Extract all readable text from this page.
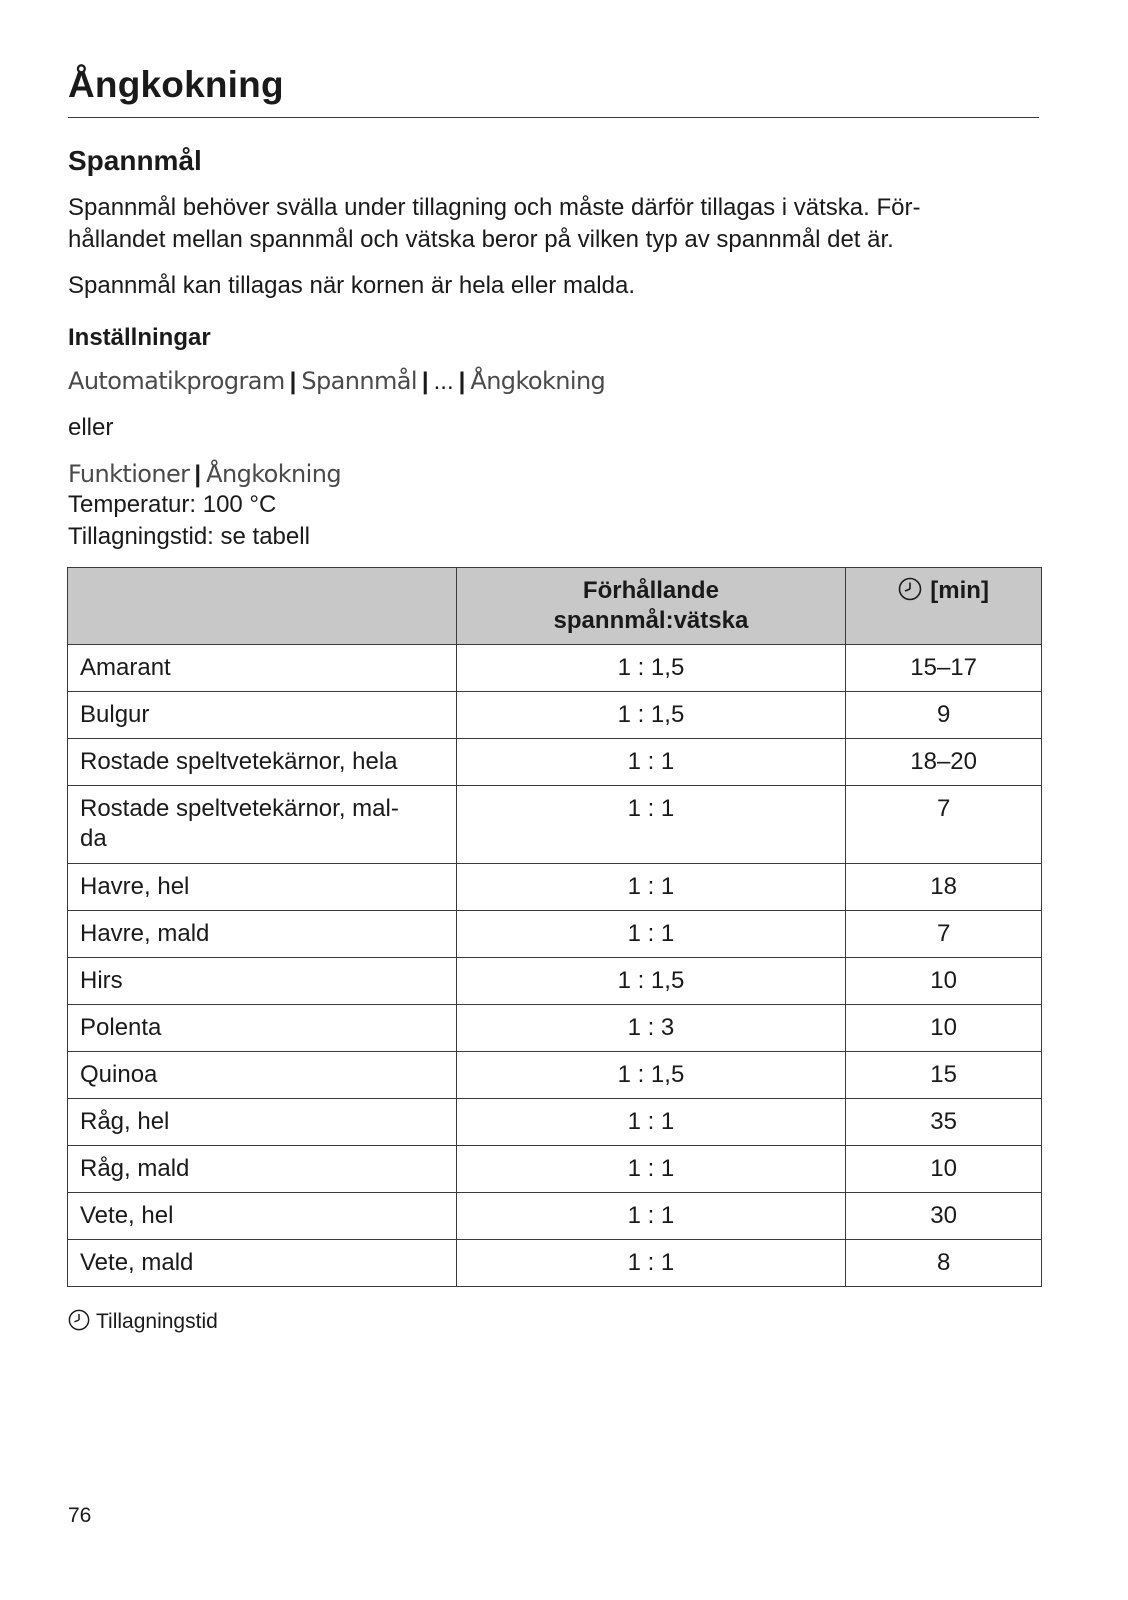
Ångkokning
Spannmål

Spannmål behöver svälla under tillagning och måste därför tillagas i vätska. För-
hållandet mellan spannmål och vätska beror på vilken typ av spannmål det är.

Spannmål kan tillagas när kornen är hela eller malda.

Inställningar

Automatikprogram | Spannmål | ... | Ångkokning

eller

Funktioner | Ångkokning

Temperatur: 100 °C

Tillagningstid: se tabell

	Förhållande
spannmål:vätska	[min]
Amarant	1 : 1,5	15–17
Bulgur	1 : 1,5	9
Rostade speltvetekärnor, hela	1 : 1	18–20
Rostade speltvetekärnor, mal-
da	1 : 1	7
Havre, hel	1 : 1	18
Havre, mald	1 : 1	7
Hirs	1 : 1,5	10
Polenta	1 : 3	10
Quinoa	1 : 1,5	15
Råg, hel	1 : 1	35
Råg, mald	1 : 1	10
Vete, hel	1 : 1	30
Vete, mald	1 : 1	8

Tillagningstid

76
